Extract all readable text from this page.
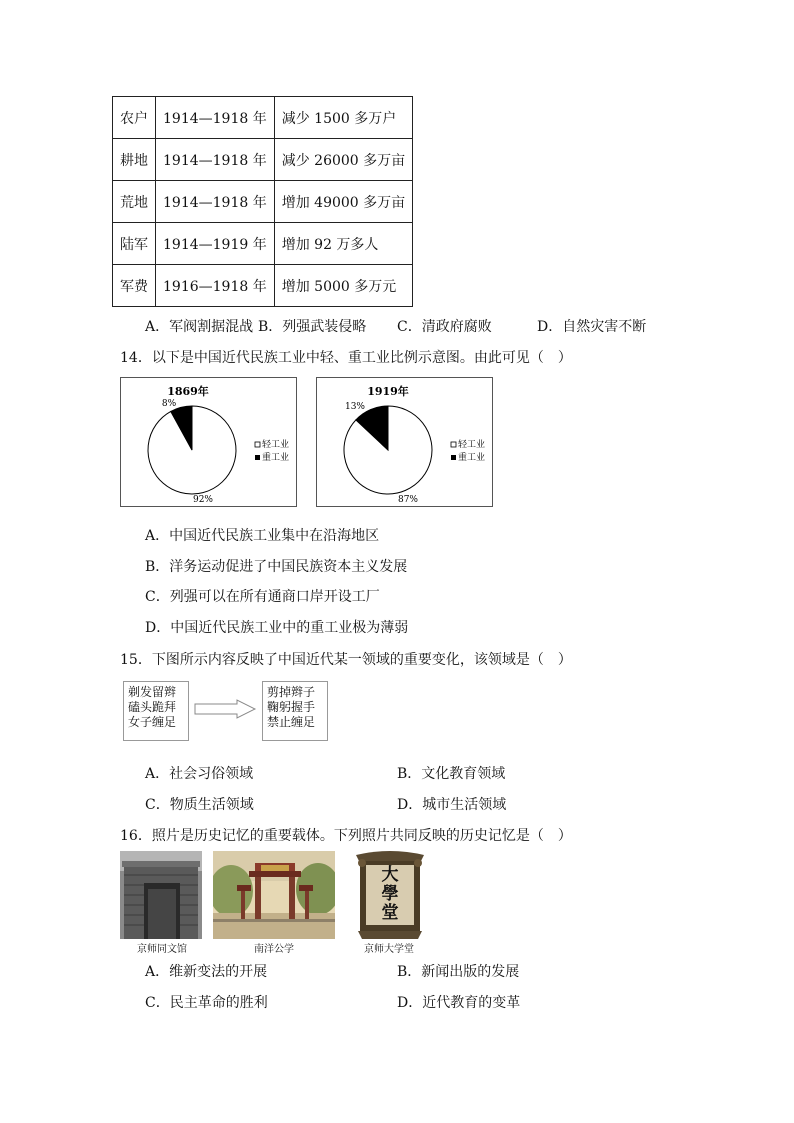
农户	1914—1918 年	减少 1500 多万户
耕地	1914—1918 年	减少 26000 多万亩
荒地	1914—1918 年	增加 49000 多万亩
陆军	1914—1919 年	增加 92 万多人
军费	1916—1918 年	增加 5000 多万元
A．军阀割据混战 B．列强武装侵略 C．清政府腐败	D．自然灾害不断
14．以下是中国近代民族工业中轻、重工业比例示意图。由此可见（　）
1869年
8%
92%
轻工业
重工业
1919年
13%
87%
轻工业
重工业
A．中国近代民族工业集中在沿海地区
B．洋务运动促进了中国民族资本主义发展
C．列强可以在所有通商口岸开设工厂
D．中国近代民族工业中的重工业极为薄弱
15．下图所示内容反映了中国近代某一领域的重要变化，该领域是（　）
剃发留辫
磕头跪拜
女子缠足
剪掉辫子
鞠躬握手
禁止缠足
A．社会习俗领域	B．文化教育领域
C．物质生活领域	D．城市生活领域
16．照片是历史记忆的重要载体。下列照片共同反映的历史记忆是（　）
京师同文馆	南洋公学
大
學
堂
京师大学堂
A．维新变法的开展	B．新闻出版的发展
C．民主革命的胜利	D．近代教育的变革
